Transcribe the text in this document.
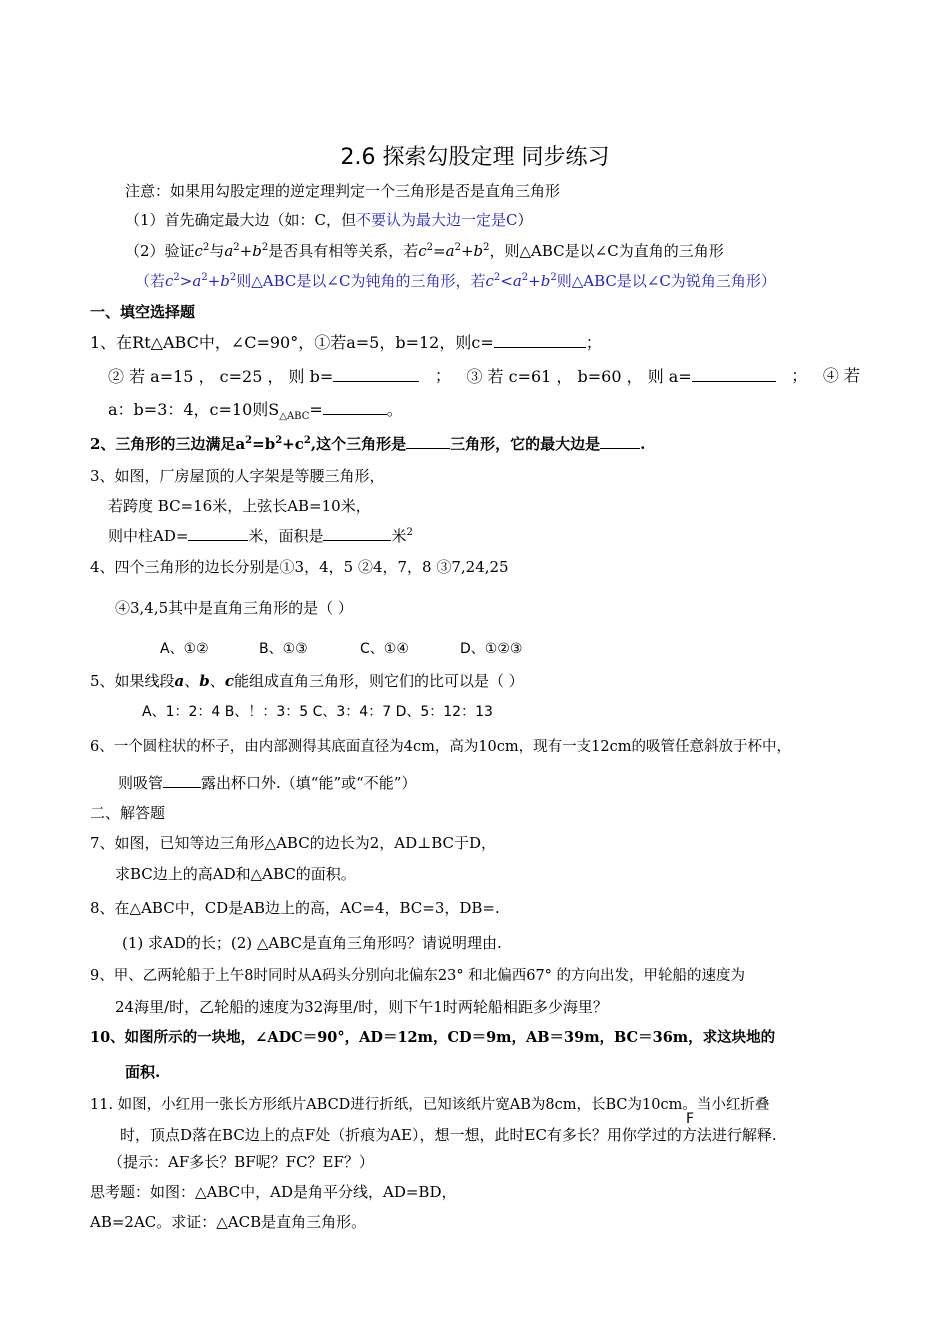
2.6 探索勾股定理 同步练习
注意：如果用勾股定理的逆定理判定一个三角形是否是直角三角形
（1）首先确定最大边（如：C，但不要认为最大边一定是C）
（2）验证$c^2$与$a^2+b^2$是否具有相等关系，若$c^2=a^2+b^2$，则△ABC是以∠C为直角的三角形
（若$c^2>a^2+b^2$则△ABC是以∠C为钝角的三角形，若$c^2<a^2+b^2$则△ABC是以∠C为锐角三角形）
一、填空选择题
1、在Rt△ABC中，∠C=90°，①若a=5，b=12，则c=	；
② 若 a=15 ， c=25 ， 则 b=	； ③ 若 c=61 ， b=60 ， 则 a=	； ④ 若
a：b=3：4，c=10则$S_{\triangle ABC}=$	。
2、三角形的三边满足$a^2=b^2+c^2$,这个三角形是	三角形，它的最大边是	.
3、如图，厂房屋顶的人字架是等腰三角形，
若跨度 BC=16米，上弦长AB=10米，
则中柱AD=	米，面积是	米$^2$
4、四个三角形的边长分别是①3，4，5 ②4，7，8 ③7,24,25
④3,4,5其中是直角三角形的是（ ）
A、①②	B、①③	C、①④	D、①②③
5、如果线段a、b、c能组成直角三角形，则它们的比可以是（ ）
A、1：2：4 B、！：3：5 C、3：4：7 D、5：12：13
6、一个圆柱状的杯子，由内部测得其底面直径为4cm，高为10cm，现有一支12cm的吸管任意斜放于杯中，
则吸管	露出杯口外.（填“能”或“不能”）
二、解答题
7、如图，已知等边三角形△ABC的边长为2，AD⊥BC于D，
求BC边上的高AD和△ABC的面积。
8、在△ABC中，CD是AB边上的高，AC=4，BC=3，DB=.
(1) 求AD的长；(2) △ABC是直角三角形吗？请说明理由.
9、甲、乙两轮船于上午8时同时从A码头分别向北偏东23° 和北偏西67° 的方向出发，甲轮船的速度为
24海里/时，乙轮船的速度为32海里/时，则下午1时两轮船相距多少海里？
10、如图所示的一块地，∠ADC＝90°，AD＝12m，CD＝9m，AB＝39m，BC＝36m，求这块地的
面积.
11. 如图，小红用一张长方形纸片ABCD进行折纸，已知该纸片宽AB为8cm，长BC为10cm。当小红折叠
F
时，顶点D落在BC边上的点F处（折痕为AE），想一想，此时EC有多长？用你学过的方法进行解释.
（提示：AF多长？BF呢？FC？EF？）
思考题：如图：△ABC中，AD是角平分线，AD=BD，
AB=2AC。求证：△ACB是直角三角形。
